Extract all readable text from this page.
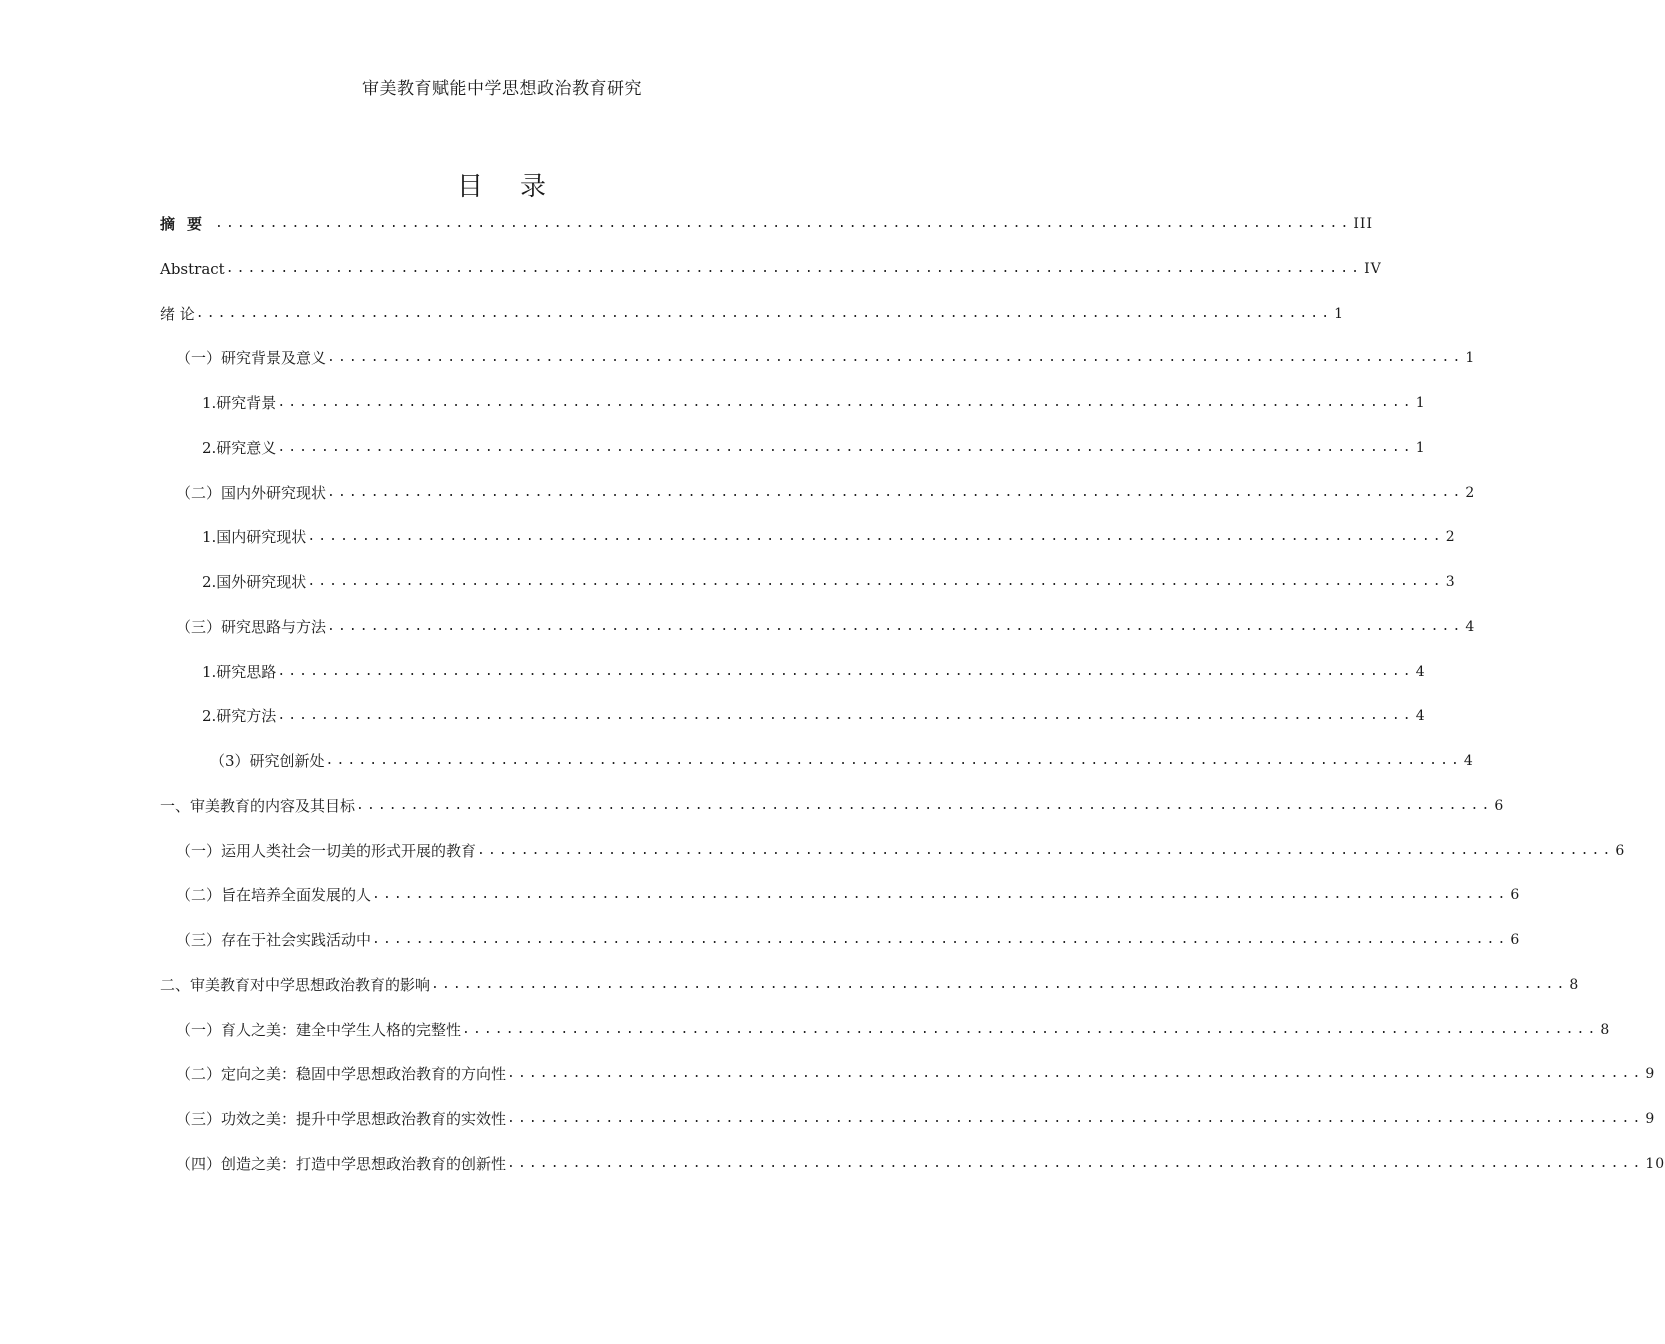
审美教育赋能中学思想政治教育研究
目 录
摘要 ........................................................................................................ III
Abstract ........................................................................................................ IV
绪 论 ........................................................................................................ 1
（一）研究背景及意义 ........................................................................................................ 1
1.研究背景 ........................................................................................................ 1
2.研究意义 ........................................................................................................ 1
（二）国内外研究现状 ........................................................................................................ 2
1.国内研究现状 ........................................................................................................ 2
2.国外研究现状 ........................................................................................................ 3
（三）研究思路与方法 ........................................................................................................ 4
1.研究思路 ........................................................................................................ 4
2.研究方法 ........................................................................................................ 4
（3）研究创新处 ........................................................................................................ 4
一、审美教育的内容及其目标 ........................................................................................................ 6
（一）运用人类社会一切美的形式开展的教育 ........................................................................................................ 6
（二）旨在培养全面发展的人 ........................................................................................................ 6
（三）存在于社会实践活动中 ........................................................................................................ 6
二、审美教育对中学思想政治教育的影响 ........................................................................................................ 8
（一）育人之美：建全中学生人格的完整性 ........................................................................................................ 8
（二）定向之美：稳固中学思想政治教育的方向性 ........................................................................................................ 9
（三）功效之美：提升中学思想政治教育的实效性 ........................................................................................................ 9
（四）创造之美：打造中学思想政治教育的创新性 ........................................................................................................ 10
